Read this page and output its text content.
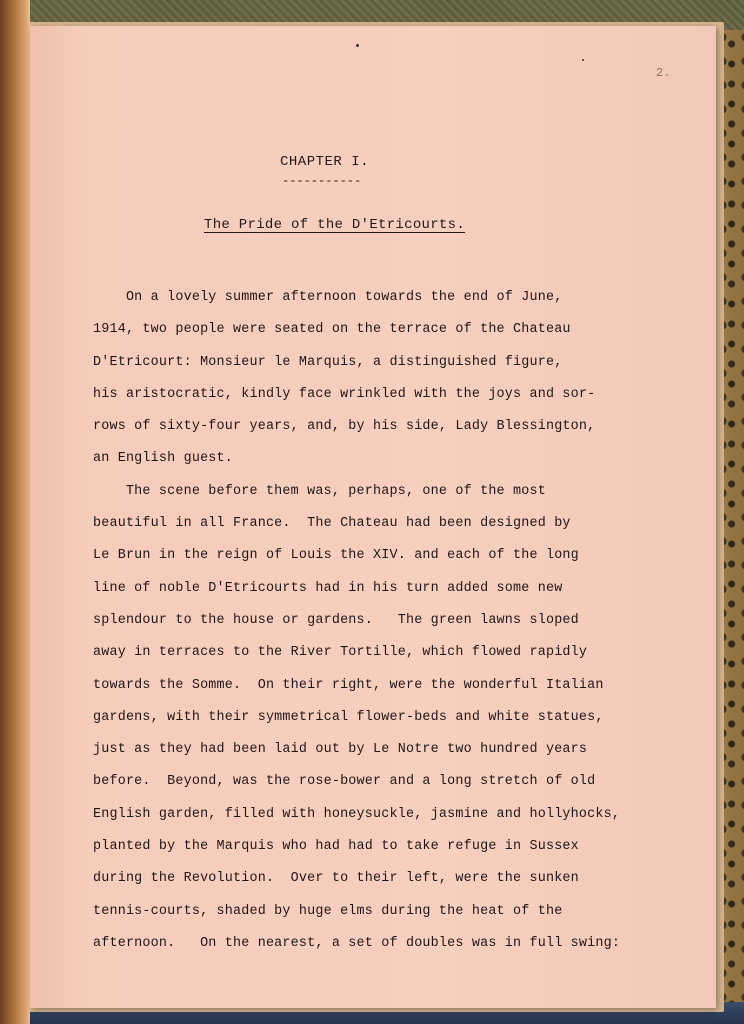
2.
CHAPTER I.
-----------
The Pride of the D'Etricourts.
On a lovely summer afternoon towards the end of June,
1914, two people were seated on the terrace of the Chateau
D'Etricourt: Monsieur le Marquis, a distinguished figure,
his aristocratic, kindly face wrinkled with the joys and sor-
rows of sixty-four years, and, by his side, Lady Blessington,
an English guest.
The scene before them was, perhaps, one of the most
beautiful in all France.  The Chateau had been designed by
Le Brun in the reign of Louis the XIV. and each of the long
line of noble D'Etricourts had in his turn added some new
splendour to the house or gardens.   The green lawns sloped
away in terraces to the River Tortille, which flowed rapidly
towards the Somme.  On their right, were the wonderful Italian
gardens, with their symmetrical flower-beds and white statues,
just as they had been laid out by Le Notre two hundred years
before.  Beyond, was the rose-bower and a long stretch of old
English garden, filled with honeysuckle, jasmine and hollyhocks,
planted by the Marquis who had had to take refuge in Sussex
during the Revolution.  Over to their left, were the sunken
tennis-courts, shaded by huge elms during the heat of the
afternoon.   On the nearest, a set of doubles was in full swing:
